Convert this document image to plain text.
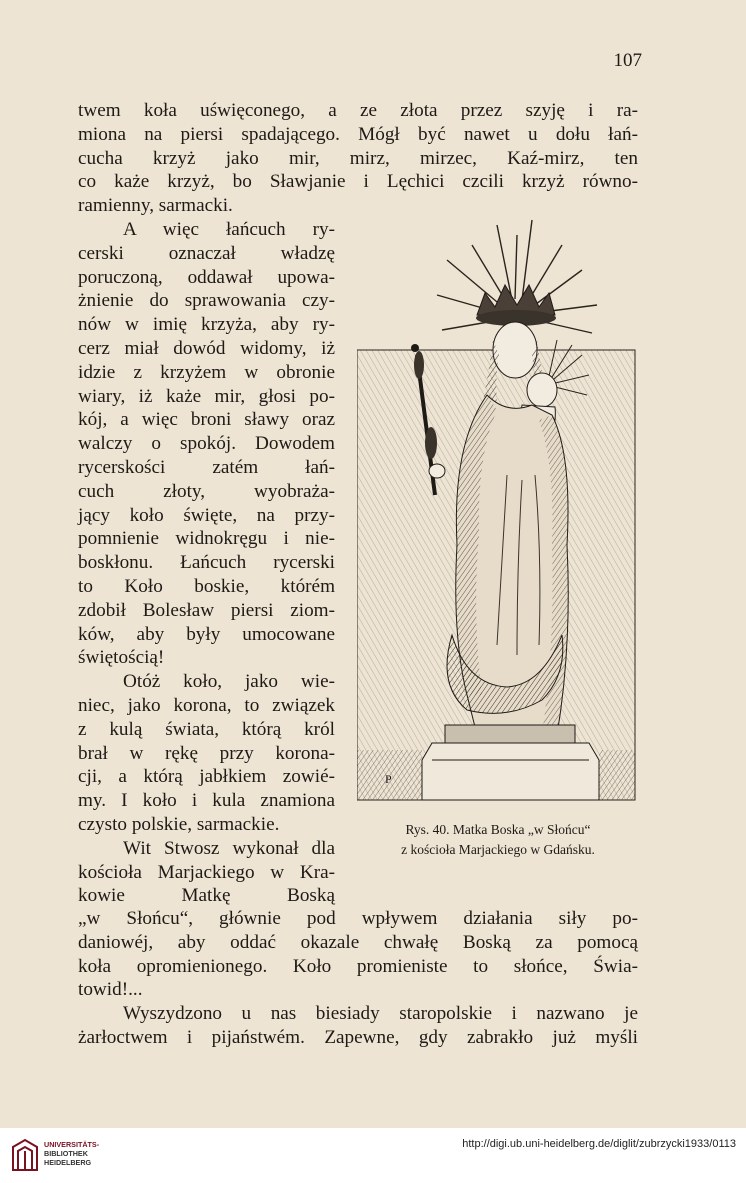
107
twem koła uświęconego, a ze złota przez szyję i ra-
miona na piersi spadającego. Mógł być nawet u dołu łań-
cucha krzyż jako mir, mirz, mirzec, Kaź-mirz, ten
co każe krzyż, bo Sławjanie i Lęchici czcili krzyż równo-
ramienny, sarmacki.
A więc łańcuch ry-
cerski oznaczał władzę
poruczoną, oddawał upowa-
żnienie do sprawowania czy-
nów w imię krzyża, aby ry-
cerz miał dowód widomy, iż
idzie z krzyżem w obronie
wiary, iż każe mir, głosi po-
kój, a więc broni sławy oraz
walczy o spokój. Dowodem
rycerskości zatém łań-
cuch złoty, wyobraża-
jący koło święte, na przy-
pomnienie widnokręgu i nie-
boskłonu. Łańcuch rycerski
to Koło boskie, którém
zdobił Bolesław piersi ziom-
ków, aby były umocowane
świętością!
Otóż koło, jako wie-
niec, jako korona, to związek
z kulą świata, którą król
brał w rękę przy korona-
cji, a którą jabłkiem zowié-
my. I koło i kula znamiona
czysto polskie, sarmackie.
Wit Stwosz wykonał dla
kościoła Marjackiego w Kra-
kowie Matkę Boską
P
Rys. 40. Matka Boska „w Słońcu“
z kościoła Marjackiego w Gdańsku.
„w Słońcu“, głównie pod wpływem działania siły po-
daniowéj, aby oddać okazale chwałę Boską za pomocą
koła opromienionego. Koło promieniste to słońce, Świa-
towid!...
Wyszydzono u nas biesiady staropolskie i nazwano je
żarłoctwem i pijaństwém. Zapewne, gdy zabrakło już myśli
UNIVERSITÄTS-
BIBLIOTHEK
HEIDELBERG
http://digi.ub.uni-heidelberg.de/diglit/zubrzycki1933/0113
